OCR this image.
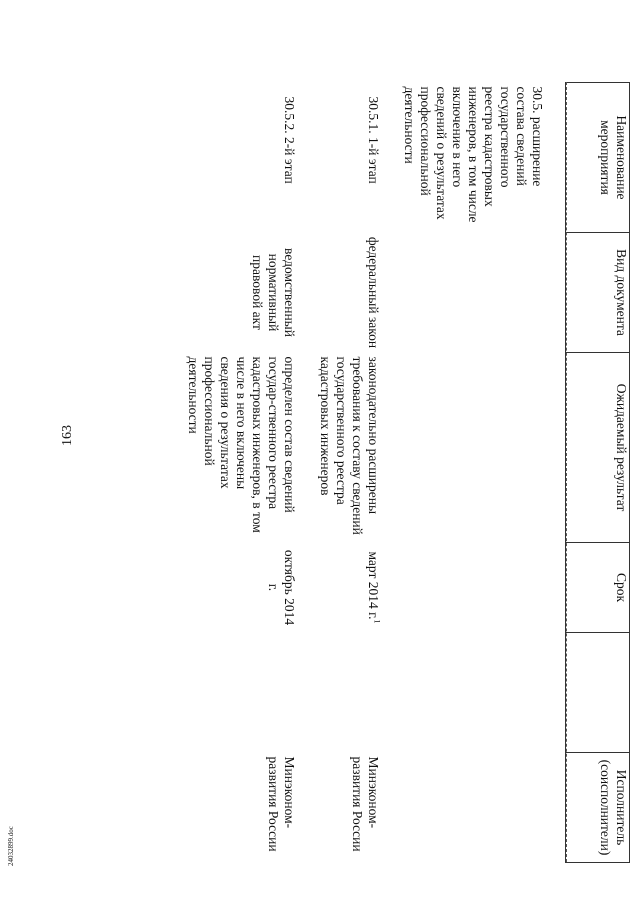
163
24032899.doc
Наименование мероприятия	Вид документа	Ожидаемый результат	Срок		Исполнитель (соисполнители)
30.5. расширение состава сведений государственного реестра кадастровых инженеров, в том числе включение в него сведений о результатах профессиональной деятельности					
30.5.1. 1-й этап	федеральный закон	законодательно расширены требования к составу сведений государственного реестра кадастровых инженеров	март 2014 г.$^1$		Минэконом-развития России
30.5.2. 2-й этап	ведомственный нормативный правовой акт	определен состав сведений государ-ственного реестра кадастровых инженеров, в том числе в него включены сведения о результатах профессиональной деятельности	октябрь 2014 г.		Минэконом-развития России
